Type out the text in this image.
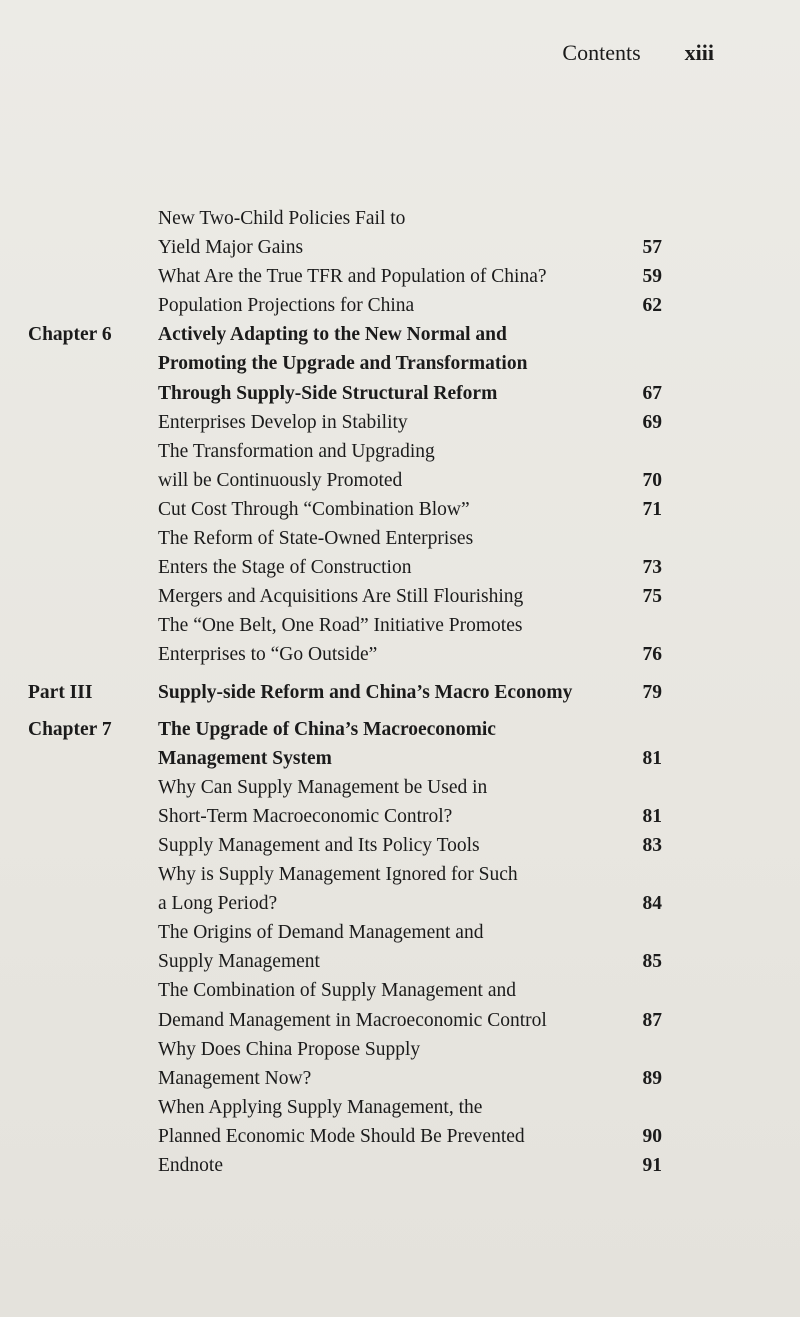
Contents xiii
New Two-Child Policies Fail to
Yield Major Gains	57
What Are the True TFR and Population of China?	59
Population Projections for China	62
Chapter 6 Actively Adapting to the New Normal and
Promoting the Upgrade and Transformation
Through Supply-Side Structural Reform	67
Enterprises Develop in Stability	69
The Transformation and Upgrading
will be Continuously Promoted	70
Cut Cost Through “Combination Blow”	71
The Reform of State-Owned Enterprises
Enters the Stage of Construction	73
Mergers and Acquisitions Are Still Flourishing	75
The “One Belt, One Road” Initiative Promotes
Enterprises to “Go Outside”	76
Part III	Supply-side Reform and China’s Macro Economy	79
Chapter 7 The Upgrade of China’s Macroeconomic
Management System	81
Why Can Supply Management be Used in
Short-Term Macroeconomic Control?	81
Supply Management and Its Policy Tools	83
Why is Supply Management Ignored for Such
a Long Period?	84
The Origins of Demand Management and
Supply Management	85
The Combination of Supply Management and
Demand Management in Macroeconomic Control	87
Why Does China Propose Supply
Management Now?	89
When Applying Supply Management, the
Planned Economic Mode Should Be Prevented	90
Endnote	91
